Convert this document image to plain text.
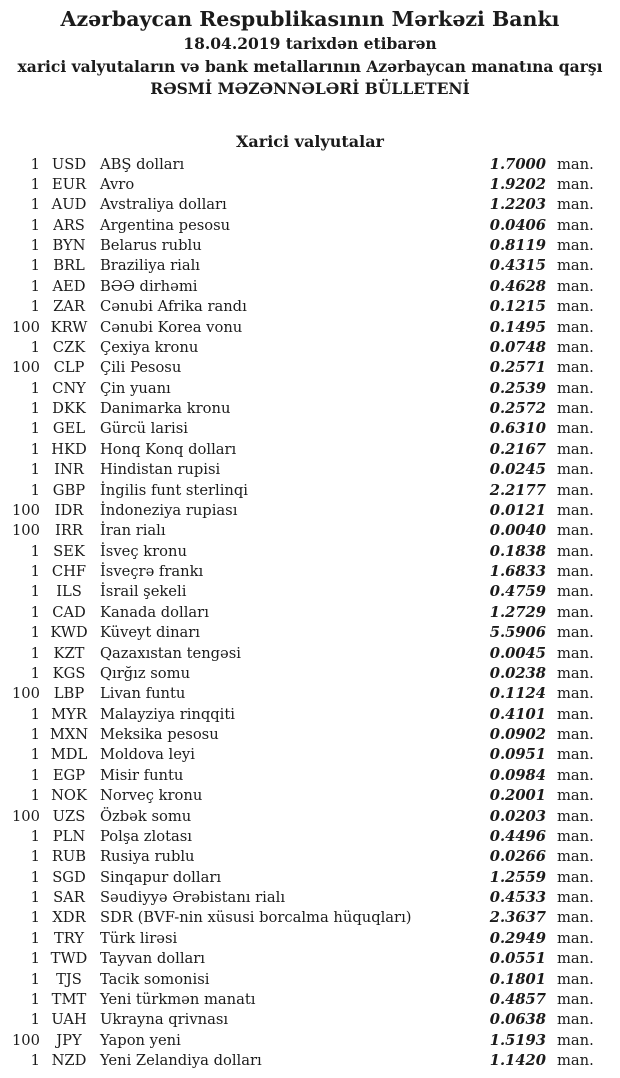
Azərbaycan Respublikasının Mərkəzi Bankı
18.04.2019 tarixdən etibarən
xarici valyutaların və bank metallarının Azərbaycan manatına qarşı
RƏSMİ MƏZƏNNƏLƏRİ BÜLLETENİ
Xarici valyutalar
1 USD ABŞ dolları	1.7000 man.
1 EUR Avro	1.9202 man.
1 AUD Avstraliya dolları	1.2203 man.
1 ARS	Argentina pesosu	0.0406 man.
1 BYN Belarus rublu	0.8119 man.
1 BRL	Braziliya rialı	0.4315 man.
1 AED BƏƏ dirhəmi	0.4628 man.
1 ZAR	Cənubi Afrika randı	0.1215 man.
100 KRW Cənubi Korea vonu	0.1495 man.
1 CZK	Çexiya kronu	0.0748 man.
100 CLP	Çili Pesosu	0.2571 man.
1 CNY Çin yuanı	0.2539 man.
1 DKK Danimarka kronu	0.2572 man.
1 GEL	Gürcü larisi	0.6310 man.
1 HKD Honq Konq dolları	0.2167 man.
1 INR	Hindistan rupisi	0.0245 man.
1 GBP	İngilis funt sterlinqi	2.2177 man.
100 IDR	İndoneziya rupiası	0.0121 man.
100	IRR	İran rialı	0.0040 man.
1 SEK	İsveç kronu	0.1838 man.
1 CHF İsveçrə frankı	1.6833 man.
1	ILS	İsrail şekeli	0.4759 man.
1 CAD Kanada dolları	1.2729 man.
1 KWD Küveyt dinarı	5.5906 man.
1 KZT	Qazaxıstan tengəsi	0.0045 man.
1 KGS Qırğız somu	0.0238 man.
100 LBP	Livan funtu	0.1124 man.
1 MYR Malayziya rinqqiti	0.4101 man.
1 MXN Meksika pesosu	0.0902 man.
1 MDL Moldova leyi	0.0951 man.
1 EGP	Misir funtu	0.0984 man.
1 NOK Norveç kronu	0.2001 man.
100 UZS Özbək somu	0.0203 man.
1 PLN	Polşa zlotası	0.4496 man.
1 RUB Rusiya rublu	0.0266 man.
1 SGD Sinqapur dolları	1.2559 man.
1 SAR	Səudiyyə Ərəbistanı rialı	0.4533 man.
1 XDR SDR (BVF-nin xüsusi borcalma hüquqları)	2.3637 man.
1 TRY	Türk lirəsi	0.2949 man.
1 TWD Tayvan dolları	0.0551 man.
1	TJS	Tacik somonisi	0.1801 man.
1 TMT Yeni türkmən manatı	0.4857 man.
1 UAH Ukrayna qrivnası	0.0638 man.
100	JPY	Yapon yeni	1.5193 man.
1 NZD Yeni Zelandiya dolları	1.1420 man.
